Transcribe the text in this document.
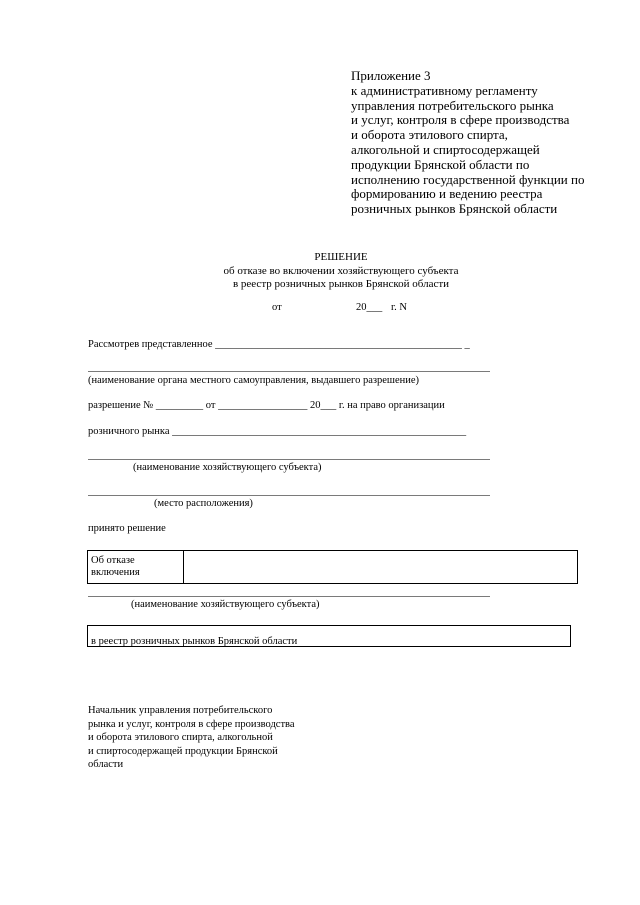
Приложение 3
к административному регламенту
управления потребительского рынка
и услуг, контроля в сфере производства
и оборота этилового спирта,
алкогольной и спиртосодержащей
продукции Брянской области по
исполнению государственной функции по
формированию и ведению реестра
розничных рынков Брянской области
РЕШЕНИЕ
об отказе во включении хозяйствующего субъекта
в реестр розничных рынков Брянской области
от	20___ г. N
Рассмотрев представленное _______________________________________________ _
(наименование органа местного самоуправления, выдавшего разрешение)
разрешение № _________ от _________________ 20___ г. на право организации
розничного рынка ________________________________________________________
(наименование хозяйствующего субъекта)
(место расположения)
принято решение
Об отказе включения
(наименование хозяйствующего субъекта)
в реестр розничных рынков Брянской области
Начальник управления потребительского
рынка и услуг, контроля в сфере производства
и оборота этилового спирта, алкогольной
и спиртосодержащей продукции Брянской
области
